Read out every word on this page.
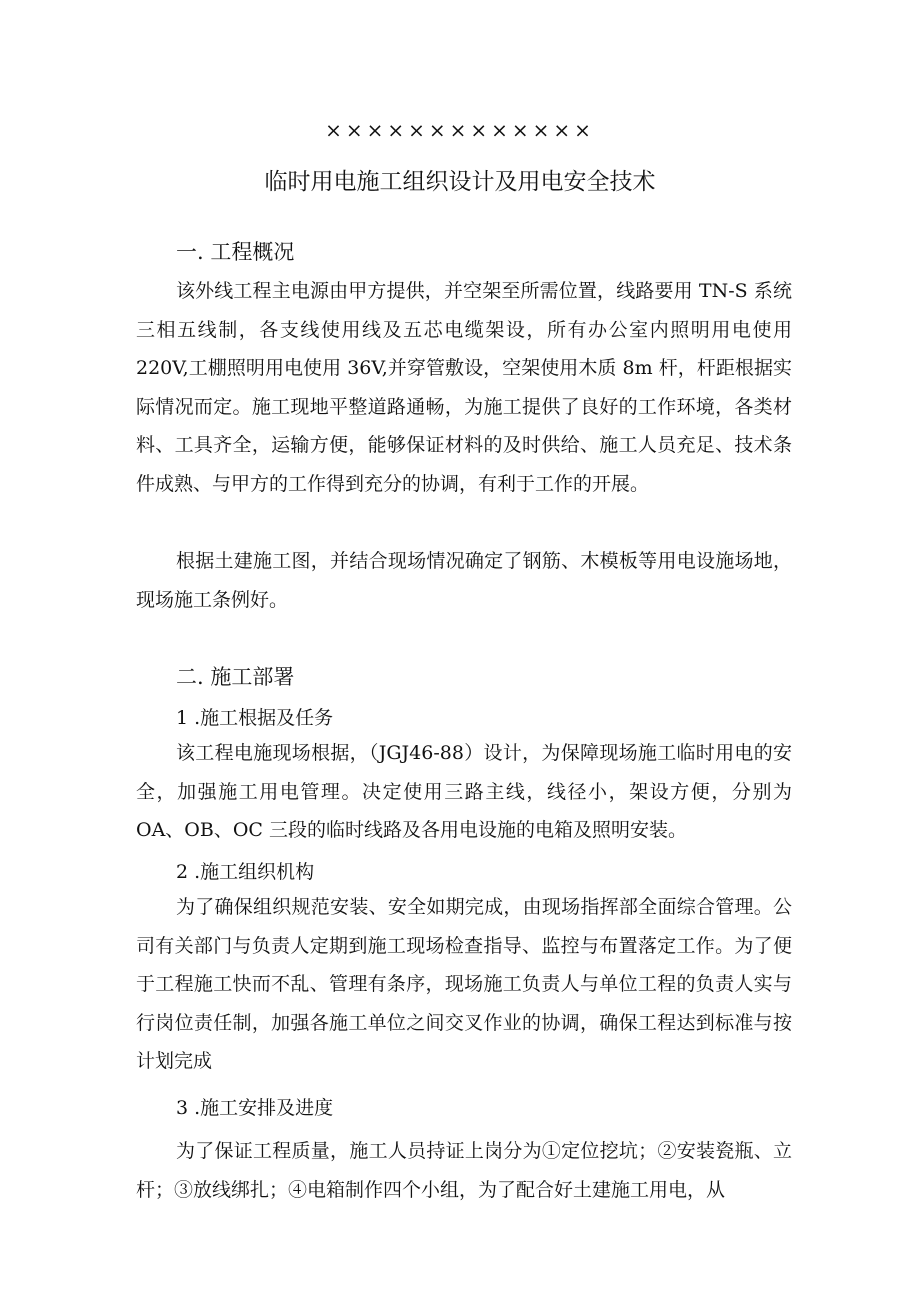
×××××××××××××
临时用电施工组织设计及用电安全技术
一. 工程概况

该外线工程主电源由甲方提供，并空架至所需位置，线路要用 TN-S 系统三相五线制，各支线使用线及五芯电缆架设，所有办公室内照明用电使用 220V,工棚照明用电使用 36V,并穿管敷设，空架使用木质 8m 杆，杆距根据实际情况而定。施工现地平整道路通畅，为施工提供了良好的工作环境，各类材料、工具齐全，运输方便，能够保证材料的及时供给、施工人员充足、技术条件成熟、与甲方的工作得到充分的协调，有利于工作的开展。

根据土建施工图，并结合现场情况确定了钢筋、木模板等用电设施场地，现场施工条例好。

二. 施工部署
1 .施工根据及任务

该工程电施现场根据，（JGJ46-88）设计，为保障现场施工临时用电的安全，加强施工用电管理。决定使用三路主线，线径小，架设方便，分别为 OA、OB、OC 三段的临时线路及各用电设施的电箱及照明安装。

2 .施工组织机构

为了确保组织规范安装、安全如期完成，由现场指挥部全面综合管理。公司有关部门与负责人定期到施工现场检查指导、监控与布置落定工作。为了便于工程施工快而不乱、管理有条序，现场施工负责人与单位工程的负责人实与行岗位责任制，加强各施工单位之间交叉作业的协调，确保工程达到标准与按计划完成

3 .施工安排及进度

为了保证工程质量，施工人员持证上岗分为①定位挖坑；②安装瓷瓶、立杆；③放线绑扎；④电箱制作四个小组，为了配合好土建施工用电，从
